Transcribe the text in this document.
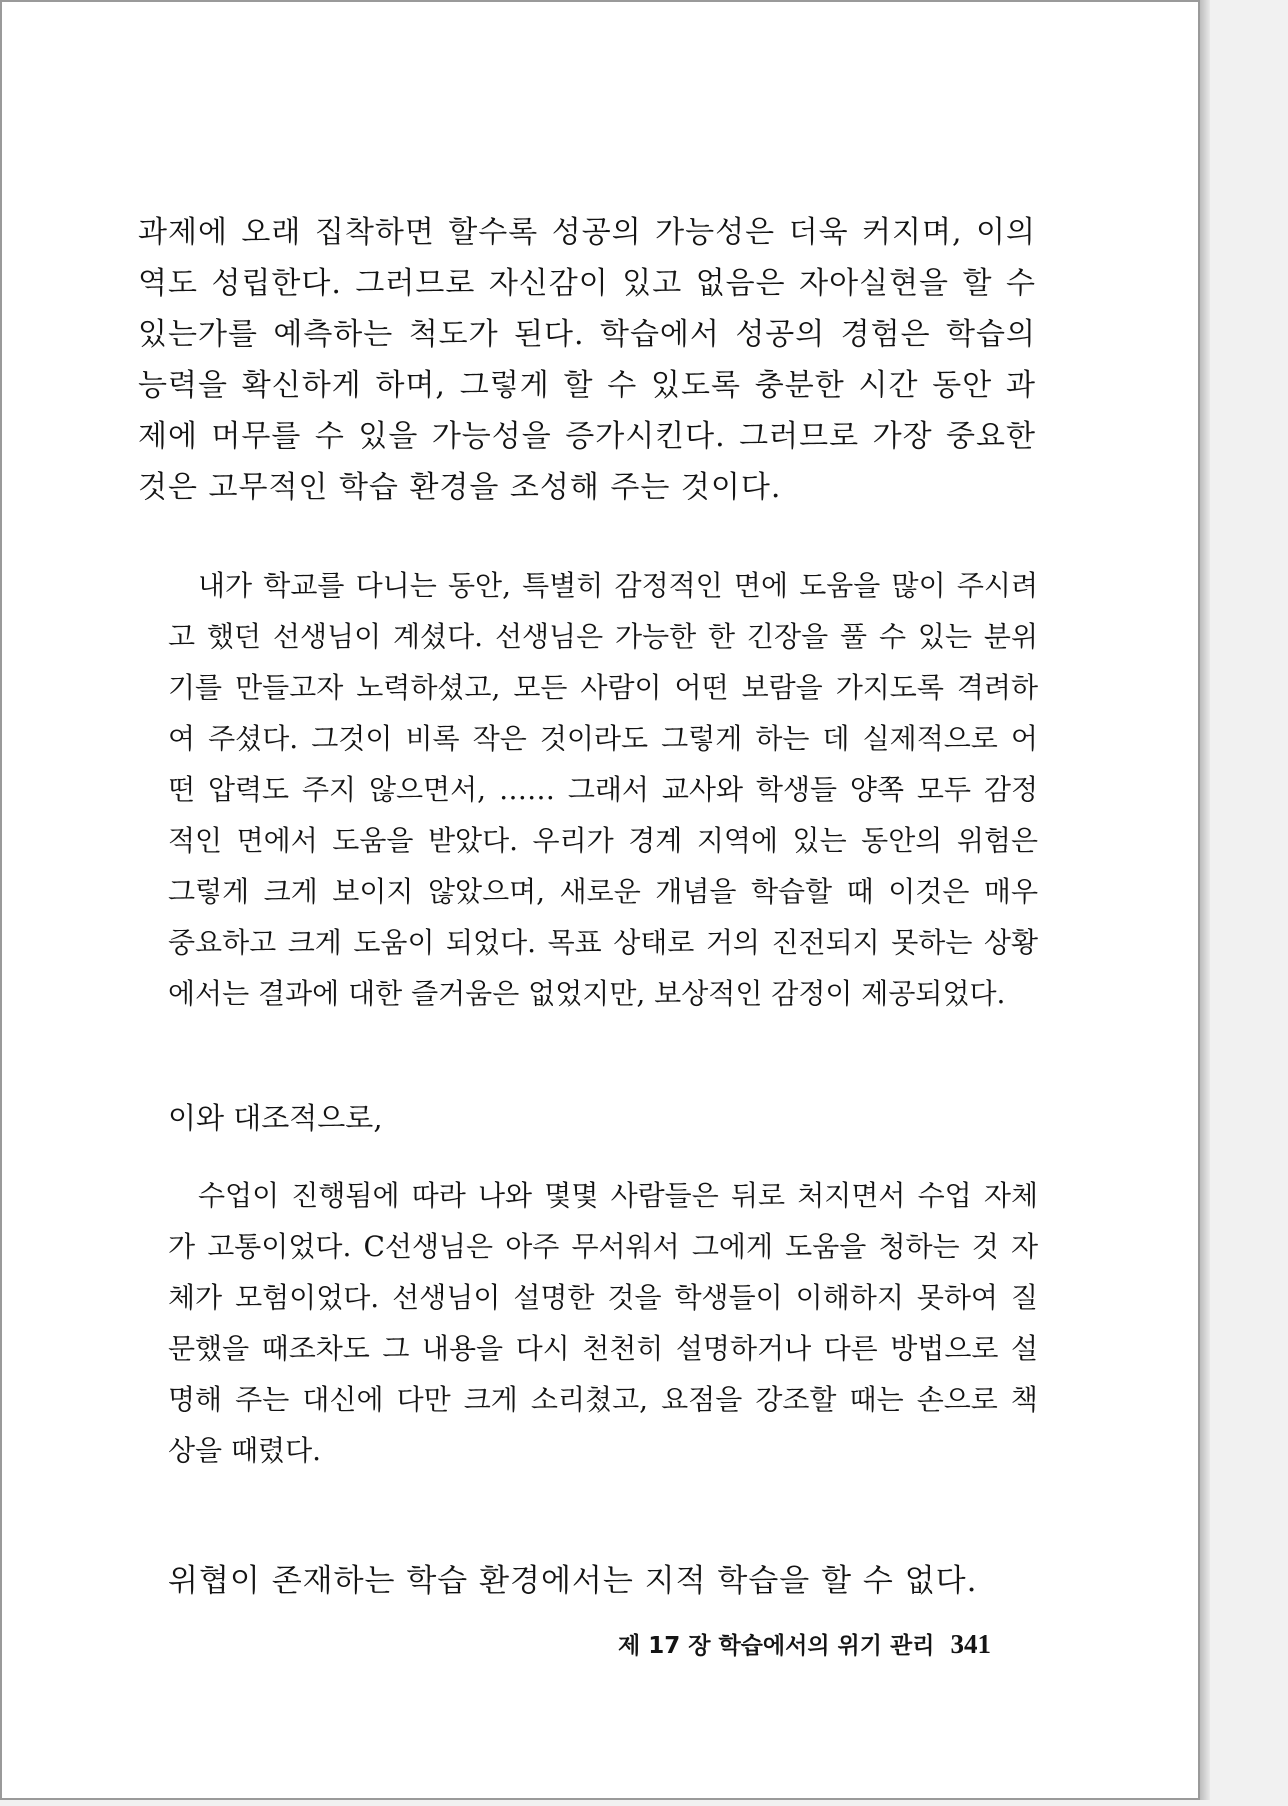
과제에 오래 집착하면 할수록 성공의 가능성은 더욱 커지며, 이의

역도 성립한다. 그러므로 자신감이 있고 없음은 자아실현을 할 수

있는가를 예측하는 척도가 된다. 학습에서 성공의 경험은 학습의

능력을 확신하게 하며, 그렇게 할 수 있도록 충분한 시간 동안 과

제에 머무를 수 있을 가능성을 증가시킨다. 그러므로 가장 중요한

것은 고무적인 학습 환경을 조성해 주는 것이다.

내가 학교를 다니는 동안, 특별히 감정적인 면에 도움을 많이 주시려

고 했던 선생님이 계셨다. 선생님은 가능한 한 긴장을 풀 수 있는 분위

기를 만들고자 노력하셨고, 모든 사람이 어떤 보람을 가지도록 격려하

여 주셨다. 그것이 비록 작은 것이라도 그렇게 하는 데 실제적으로 어

떤 압력도 주지 않으면서, …… 그래서 교사와 학생들 양쪽 모두 감정

적인 면에서 도움을 받았다. 우리가 경계 지역에 있는 동안의 위험은

그렇게 크게 보이지 않았으며, 새로운 개념을 학습할 때 이것은 매우

중요하고 크게 도움이 되었다. 목표 상태로 거의 진전되지 못하는 상황

에서는 결과에 대한 즐거움은 없었지만, 보상적인 감정이 제공되었다.

이와 대조적으로,

수업이 진행됨에 따라 나와 몇몇 사람들은 뒤로 처지면서 수업 자체

가 고통이었다. C선생님은 아주 무서워서 그에게 도움을 청하는 것 자

체가 모험이었다. 선생님이 설명한 것을 학생들이 이해하지 못하여 질

문했을 때조차도 그 내용을 다시 천천히 설명하거나 다른 방법으로 설

명해 주는 대신에 다만 크게 소리쳤고, 요점을 강조할 때는 손으로 책

상을 때렸다.

위협이 존재하는 학습 환경에서는 지적 학습을 할 수 없다.

제 17 장 학습에서의 위기 관리 341
